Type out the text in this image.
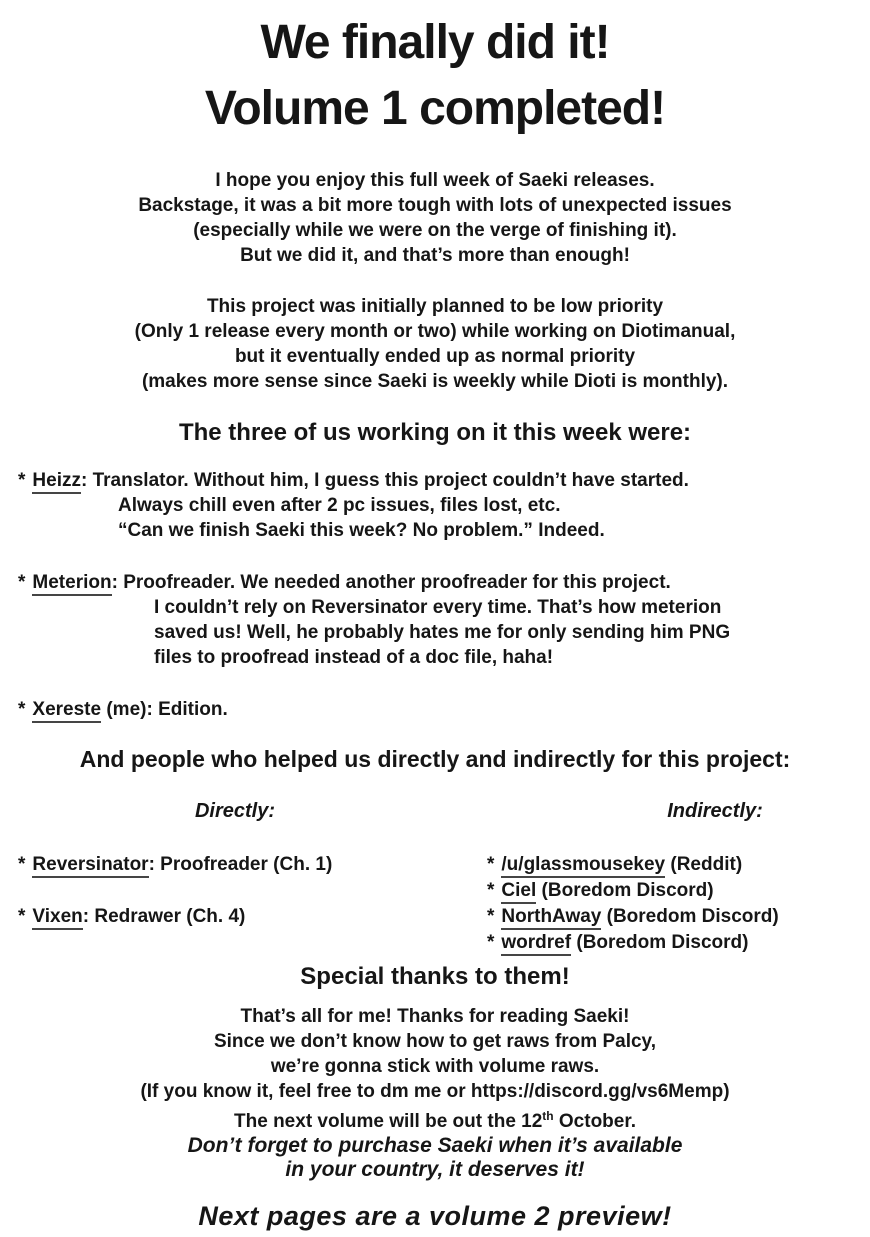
We finally did it!
Volume 1 completed!
I hope you enjoy this full week of Saeki releases.
Backstage, it was a bit more tough with lots of unexpected issues
(especially while we were on the verge of finishing it).
But we did it, and that’s more than enough!
This project was initially planned to be low priority
(Only 1 release every month or two) while working on Diotimanual,
but it eventually ended up as normal priority
(makes more sense since Saeki is weekly while Dioti is monthly).
The three of us working on it this week were:
* Heizz: Translator. Without him, I guess this project couldn’t have started.
Always chill even after 2 pc issues, files lost, etc.
“Can we finish Saeki this week? No problem.” Indeed.
* Meterion: Proofreader. We needed another proofreader for this project.
I couldn’t rely on Reversinator every time. That’s how meterion
saved us! Well, he probably hates me for only sending him PNG
files to proofread instead of a doc file, haha!
* Xereste (me): Edition.
And people who helped us directly and indirectly for this project:
Directly:	Indirectly:
* Reversinator: Proofreader (Ch. 1)
* Vixen: Redrawer (Ch. 4)
* /u/glassmousekey (Reddit)
* Ciel (Boredom Discord)
* NorthAway (Boredom Discord)
* wordref (Boredom Discord)
Special thanks to them!
That’s all for me! Thanks for reading Saeki!
Since we don’t know how to get raws from Palcy,
we’re gonna stick with volume raws.
(If you know it, feel free to dm me or https://discord.gg/vs6Memp)
The next volume will be out the 12th October.
Don’t forget to purchase Saeki when it’s available
in your country, it deserves it!
Next pages are a volume 2 preview!
